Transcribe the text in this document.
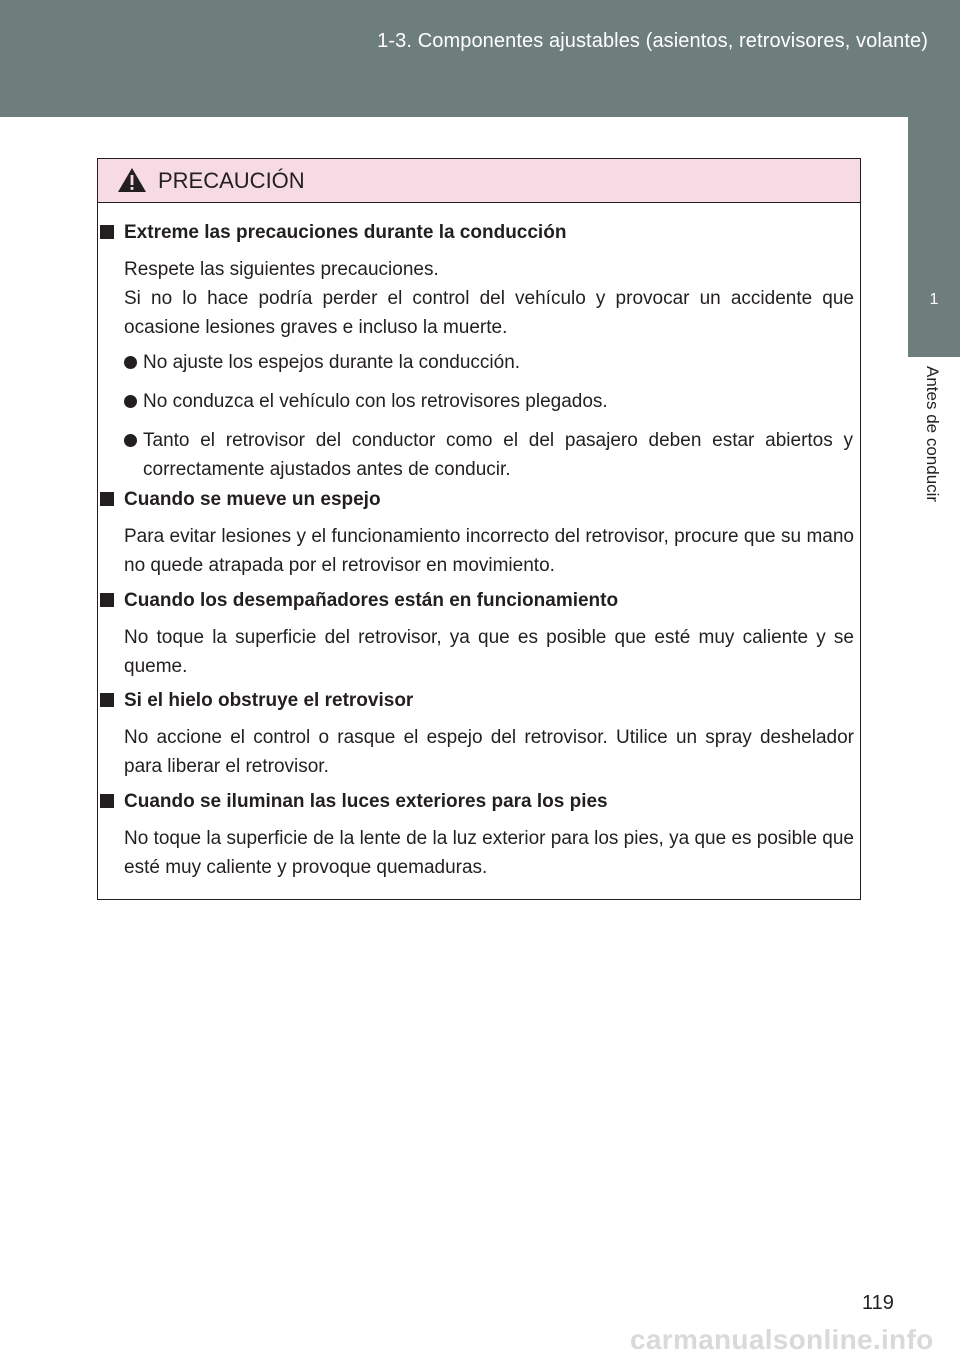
1-3. Componentes ajustables (asientos, retrovisores, volante)
1
Antes de conducir
PRECAUCIÓN
Extreme las precauciones durante la conducción
Respete las siguientes precauciones.
Si no lo hace podría perder el control del vehículo y provocar un accidente que ocasione lesiones graves e incluso la muerte.
No ajuste los espejos durante la conducción.
No conduzca el vehículo con los retrovisores plegados.
Tanto el retrovisor del conductor como el del pasajero deben estar abiertos y correctamente ajustados antes de conducir.
Cuando se mueve un espejo
Para evitar lesiones y el funcionamiento incorrecto del retrovisor, procure que su mano no quede atrapada por el retrovisor en movimiento.
Cuando los desempañadores están en funcionamiento
No toque la superficie del retrovisor, ya que es posible que esté muy caliente y se queme.
Si el hielo obstruye el retrovisor
No accione el control o rasque el espejo del retrovisor. Utilice un spray deshelador para liberar el retrovisor.
Cuando se iluminan las luces exteriores para los pies
No toque la superficie de la lente de la luz exterior para los pies, ya que es posible que esté muy caliente y provoque quemaduras.
119
carmanualsonline.info
